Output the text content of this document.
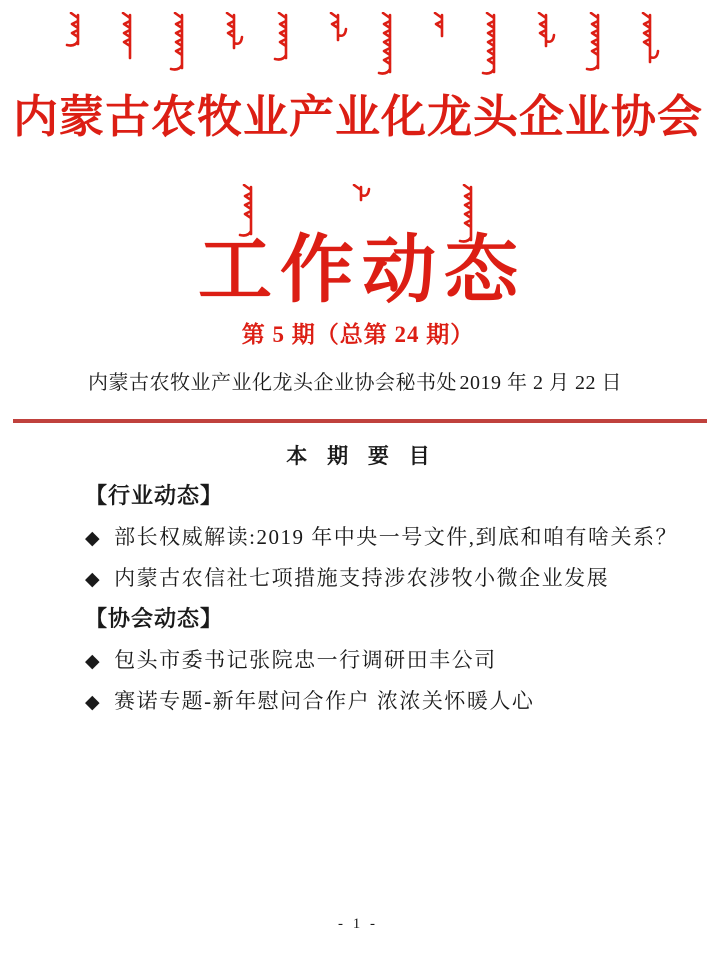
内蒙古农牧业产业化龙头企业协会
工作动态
第 5 期（总第 24 期）
内蒙古农牧业产业化龙头企业协会秘书处 2019 年 2 月 22 日
本 期 要 目
【行业动态】
◆ 部长权威解读:2019 年中央一号文件,到底和咱有啥关系？
◆ 内蒙古农信社七项措施支持涉农涉牧小微企业发展
【协会动态】
◆ 包头市委书记张院忠一行调研田丰公司
◆ 赛诺专题-新年慰问合作户 浓浓关怀暖人心
- 1 -
